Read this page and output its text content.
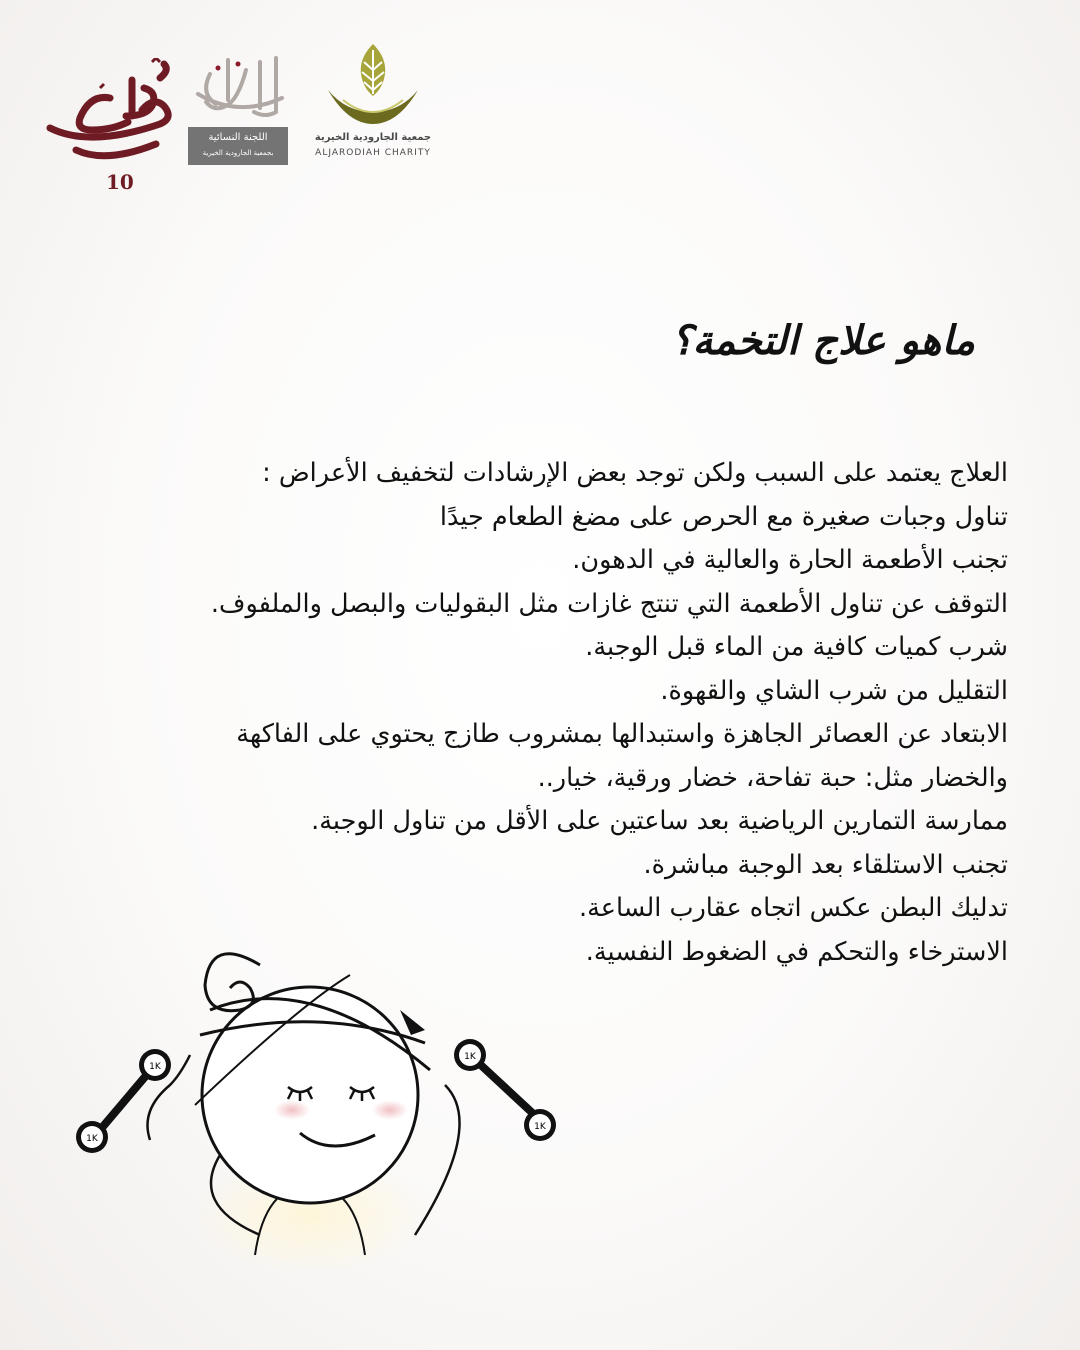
10
اللجنة النسائية
بجمعية الجارودية الخيرية
جمعية الجارودية الخيرية
ALJARODIAH CHARITY
ماهو علاج التخمة؟

العلاج يعتمد على السبب ولكن توجد بعض الإرشادات لتخفيف الأعراض :

تناول وجبات صغيرة مع الحرص على مضغ الطعام جيدًا

تجنب الأطعمة الحارة والعالية في الدهون.

التوقف عن تناول الأطعمة التي تنتج غازات مثل البقوليات والبصل والملفوف.

شرب كميات كافية من الماء قبل الوجبة.

التقليل من شرب الشاي والقهوة.

الابتعاد عن العصائر الجاهزة واستبدالها بمشروب طازج يحتوي على الفاكهة

والخضار مثل: حبة تفاحة، خضار ورقية، خيار..

ممارسة التمارين الرياضية بعد ساعتين على الأقل من تناول الوجبة.

تجنب الاستلقاء بعد الوجبة مباشرة.

تدليك البطن عكس اتجاه عقارب الساعة.

الاسترخاء والتحكم في الضغوط النفسية.

1K
1K
1K
1K
